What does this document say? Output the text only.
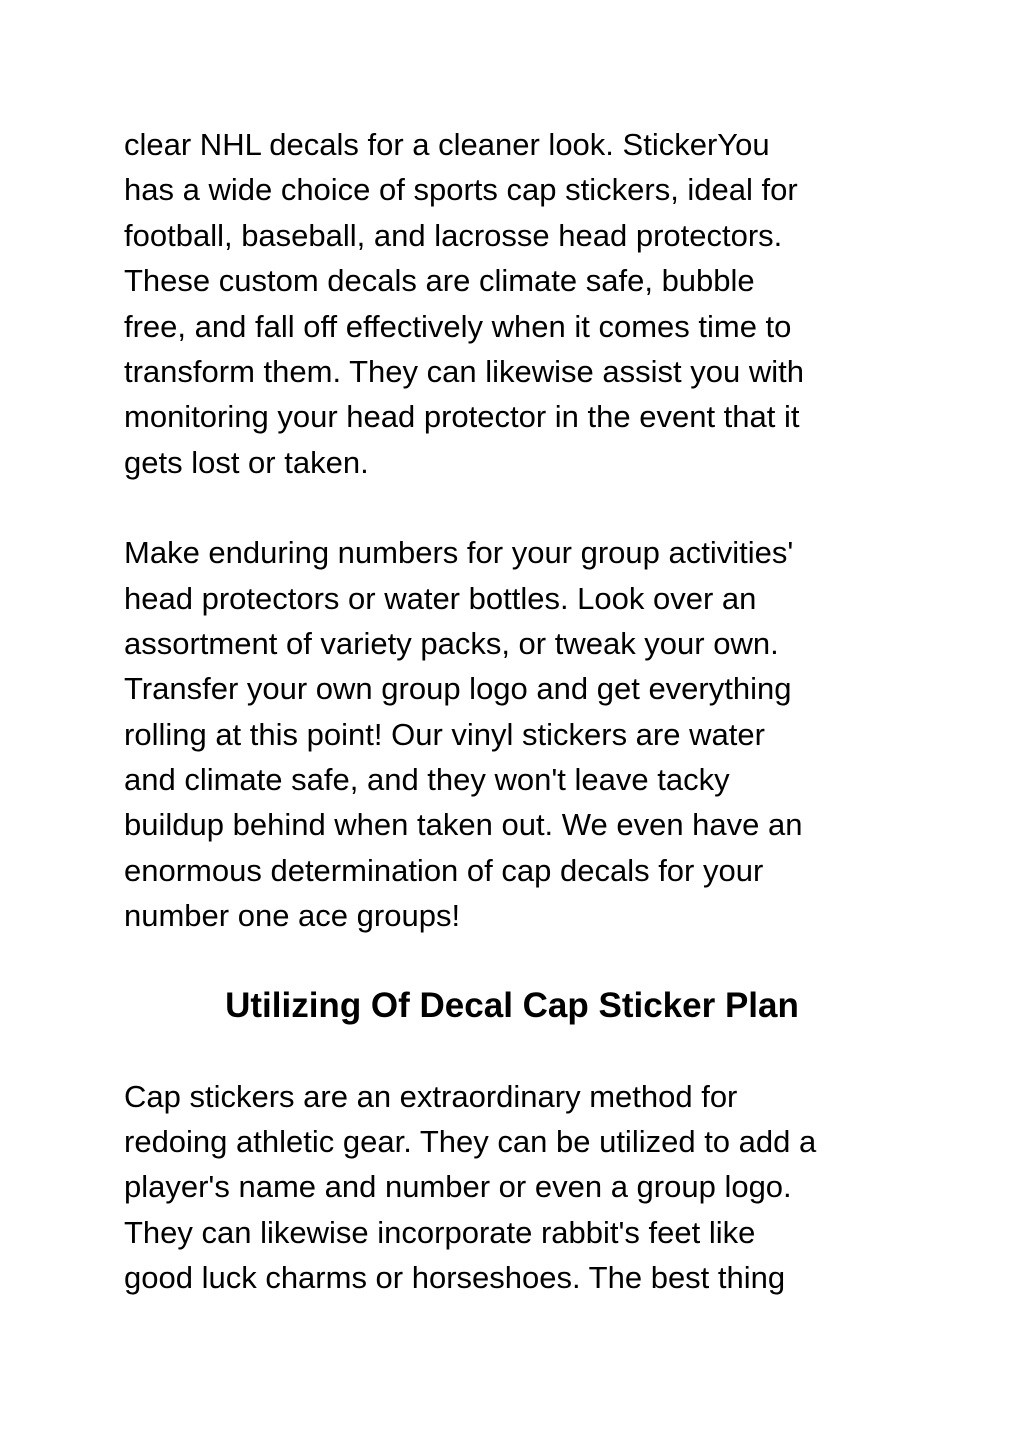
clear NHL decals for a cleaner look. StickerYou
has a wide choice of sports cap stickers, ideal for
football, baseball, and lacrosse head protectors.
These custom decals are climate safe, bubble
free, and fall off effectively when it comes time to
transform them. They can likewise assist you with
monitoring your head protector in the event that it
gets lost or taken.
Make enduring numbers for your group activities'
head protectors or water bottles. Look over an
assortment of variety packs, or tweak your own.
Transfer your own group logo and get everything
rolling at this point! Our vinyl stickers are water
and climate safe, and they won't leave tacky
buildup behind when taken out. We even have an
enormous determination of cap decals for your
number one ace groups!
Utilizing Of Decal Cap Sticker Plan
Cap stickers are an extraordinary method for
redoing athletic gear. They can be utilized to add a
player's name and number or even a group logo.
They can likewise incorporate rabbit's feet like
good luck charms or horseshoes. The best thing
